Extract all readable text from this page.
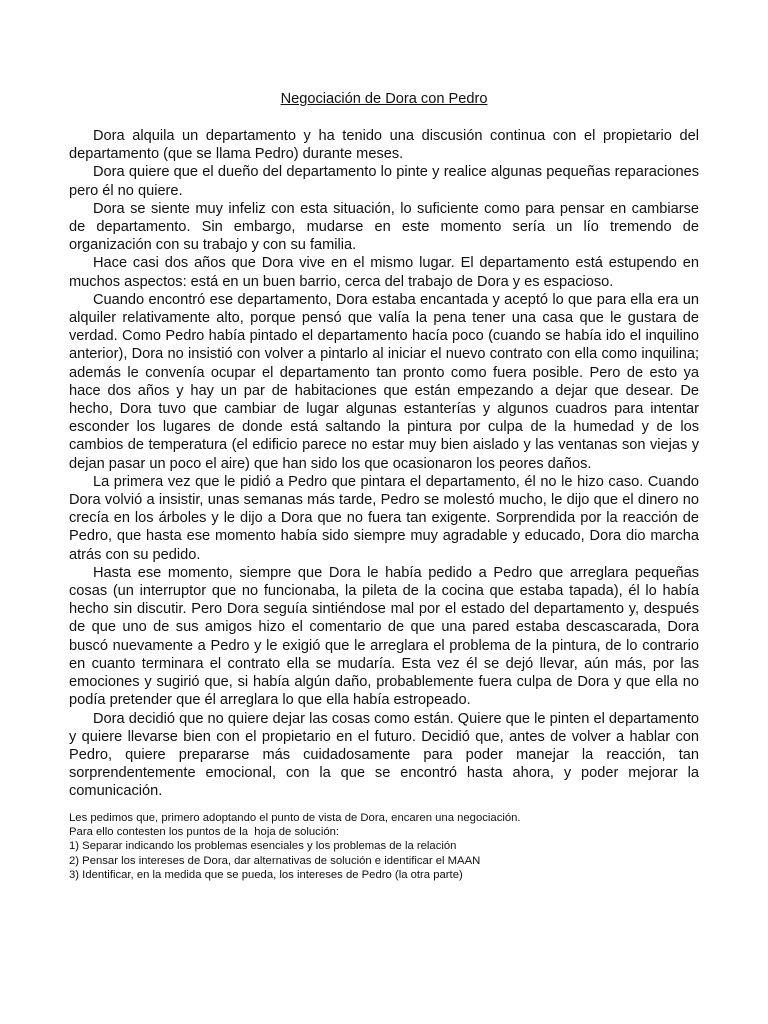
Negociación de Dora con Pedro

Dora alquila un departamento y ha tenido una discusión continua con el propietario del departamento (que se llama Pedro) durante meses.

Dora quiere que el dueño del departamento lo pinte y realice algunas pequeñas reparaciones pero él no quiere.

Dora se siente muy infeliz con esta situación, lo suficiente como para pensar en cambiarse de departamento. Sin embargo, mudarse en este momento sería un lío tremendo de organización con su trabajo y con su familia.

Hace casi dos años que Dora vive en el mismo lugar. El departamento está estupendo en muchos aspectos: está en un buen barrio, cerca del trabajo de Dora y es espacioso.

Cuando encontró ese departamento, Dora estaba encantada y aceptó lo que para ella era un alquiler relativamente alto, porque pensó que valía la pena tener una casa que le gustara de verdad. Como Pedro había pintado el departamento hacía poco (cuando se había ido el inquilino anterior), Dora no insistió con volver a pintarlo al iniciar el nuevo contrato con ella como inquilina; además le convenía ocupar el departamento tan pronto como fuera posible. Pero de esto ya hace dos años y hay un par de habitaciones que están empezando a dejar que desear. De hecho, Dora tuvo que cambiar de lugar algunas estanterías y algunos cuadros para intentar esconder los lugares de donde está saltando la pintura por culpa de la humedad y de los cambios de temperatura (el edificio parece no estar muy bien aislado y las ventanas son viejas y dejan pasar un poco el aire) que han sido los que ocasionaron los peores daños.

La primera vez que le pidió a Pedro que pintara el departamento, él no le hizo caso. Cuando Dora volvió a insistir, unas semanas más tarde, Pedro se molestó mucho, le dijo que el dinero no crecía en los árboles y le dijo a Dora que no fuera tan exigente. Sorprendida por la reacción de Pedro, que hasta ese momento había sido siempre muy agradable y educado, Dora dio marcha atrás con su pedido.

Hasta ese momento, siempre que Dora le había pedido a Pedro que arreglara pequeñas cosas (un interruptor que no funcionaba, la pileta de la cocina que estaba tapada), él lo había hecho sin discutir. Pero Dora seguía sintiéndose mal por el estado del departamento y, después de que uno de sus amigos hizo el comentario de que una pared estaba descascarada, Dora buscó nuevamente a Pedro y le exigió que le arreglara el problema de la pintura, de lo contrario en cuanto terminara el contrato ella se mudaría. Esta vez él se dejó llevar, aún más, por las emociones y sugirió que, si había algún daño, probablemente fuera culpa de Dora y que ella no podía pretender que él arreglara lo que ella había estropeado.

Dora decidió que no quiere dejar las cosas como están. Quiere que le pinten el departamento y quiere llevarse bien con el propietario en el futuro. Decidió que, antes de volver a hablar con Pedro, quiere prepararse más cuidadosamente para poder manejar la reacción, tan sorprendentemente emocional, con la que se encontró hasta ahora, y poder mejorar la comunicación.

Les pedimos que, primero adoptando el punto de vista de Dora, encaren una negociación.
Para ello contesten los puntos de la  hoja de solución:
1) Separar indicando los problemas esenciales y los problemas de la relación
2) Pensar los intereses de Dora, dar alternativas de solución e identificar el MAAN
3) Identificar, en la medida que se pueda, los intereses de Pedro (la otra parte)
